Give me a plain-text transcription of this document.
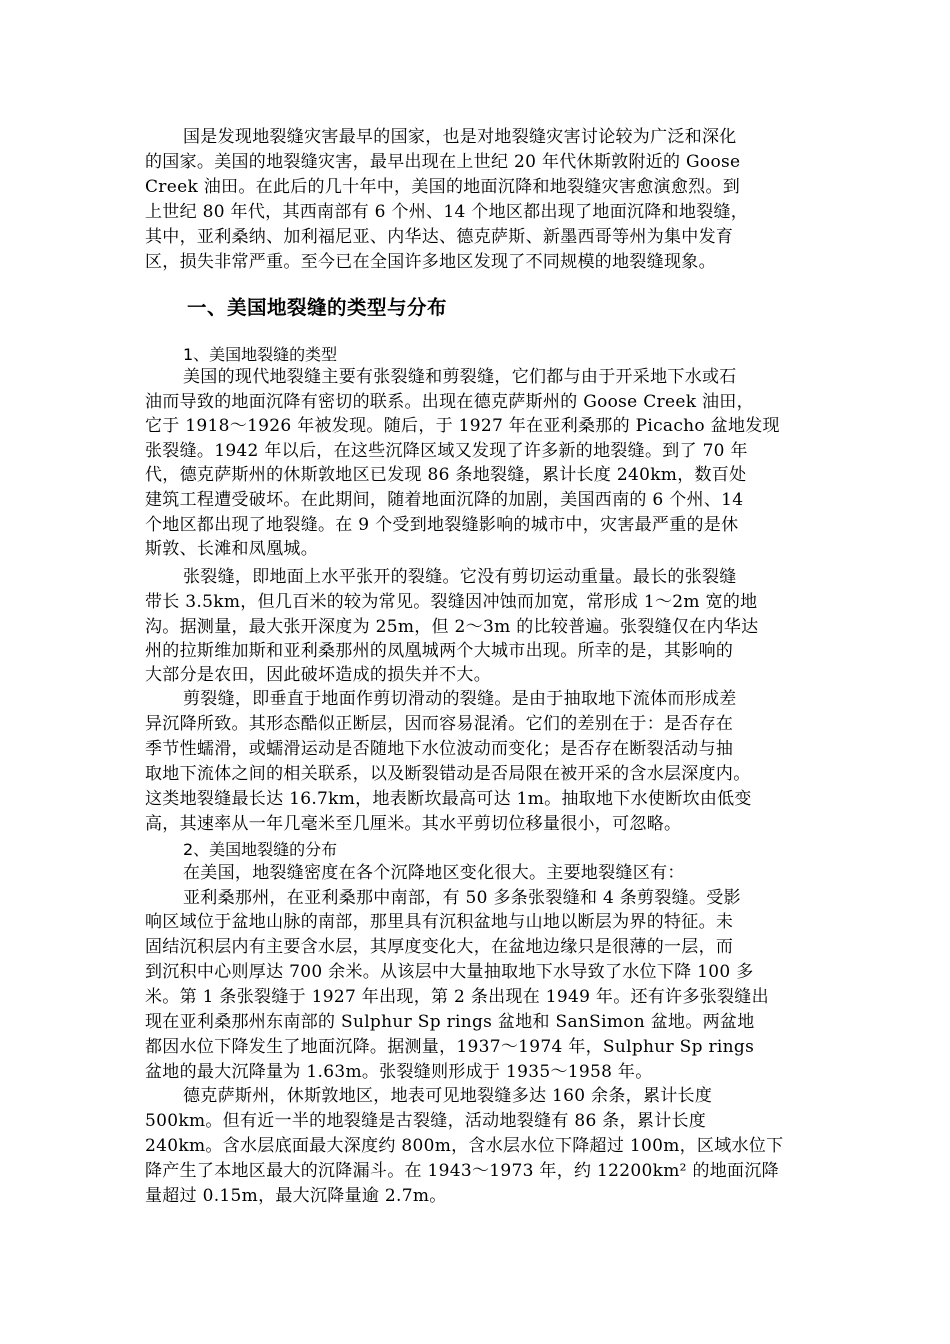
国是发现地裂缝灾害最早的国家，也是对地裂缝灾害讨论较为广泛和深化
的国家。美国的地裂缝灾害，最早出现在上世纪 20 年代休斯敦附近的 Goose
Creek 油田。在此后的几十年中，美国的地面沉降和地裂缝灾害愈演愈烈。到
上世纪 80 年代，其西南部有 6 个州、14 个地区都出现了地面沉降和地裂缝，
其中，亚利桑纳、加利福尼亚、内华达、德克萨斯、新墨西哥等州为集中发育
区，损失非常严重。至今已在全国许多地区发现了不同规模的地裂缝现象。
一、美国地裂缝的类型与分布
1、美国地裂缝的类型
美国的现代地裂缝主要有张裂缝和剪裂缝，它们都与由于开采地下水或石
油而导致的地面沉降有密切的联系。出现在德克萨斯州的 Goose Creek 油田，
它于 1918～1926 年被发现。随后，于 1927 年在亚利桑那的 Picacho 盆地发现
张裂缝。1942 年以后，在这些沉降区域又发现了许多新的地裂缝。到了 70 年
代，德克萨斯州的休斯敦地区已发现 86 条地裂缝，累计长度 240km，数百处
建筑工程遭受破坏。在此期间，随着地面沉降的加剧，美国西南的 6 个州、14
个地区都出现了地裂缝。在 9 个受到地裂缝影响的城市中，灾害最严重的是休
斯敦、长滩和凤凰城。
张裂缝，即地面上水平张开的裂缝。它没有剪切运动重量。最长的张裂缝
带长 3.5km，但几百米的较为常见。裂缝因冲蚀而加宽，常形成 1～2m 宽的地
沟。据测量，最大张开深度为 25m，但 2～3m 的比较普遍。张裂缝仅在内华达
州的拉斯维加斯和亚利桑那州的凤凰城两个大城市出现。所幸的是，其影响的
大部分是农田，因此破坏造成的损失并不大。
剪裂缝，即垂直于地面作剪切滑动的裂缝。是由于抽取地下流体而形成差
异沉降所致。其形态酷似正断层，因而容易混淆。它们的差别在于：是否存在
季节性蠕滑，或蠕滑运动是否随地下水位波动而变化；是否存在断裂活动与抽
取地下流体之间的相关联系，以及断裂错动是否局限在被开采的含水层深度内。
这类地裂缝最长达 16.7km，地表断坎最高可达 1m。抽取地下水使断坎由低变
高，其速率从一年几毫米至几厘米。其水平剪切位移量很小，可忽略。
2、美国地裂缝的分布
在美国，地裂缝密度在各个沉降地区变化很大。主要地裂缝区有：
亚利桑那州，在亚利桑那中南部，有 50 多条张裂缝和 4 条剪裂缝。受影
响区域位于盆地山脉的南部，那里具有沉积盆地与山地以断层为界的特征。未
固结沉积层内有主要含水层，其厚度变化大，在盆地边缘只是很薄的一层，而
到沉积中心则厚达 700 余米。从该层中大量抽取地下水导致了水位下降 100 多
米。第 1 条张裂缝于 1927 年出现，第 2 条出现在 1949 年。还有许多张裂缝出
现在亚利桑那州东南部的 Sulphur Sp rings 盆地和 SanSimon 盆地。两盆地
都因水位下降发生了地面沉降。据测量，1937～1974 年，Sulphur Sp rings
盆地的最大沉降量为 1.63m。张裂缝则形成于 1935～1958 年。
德克萨斯州，休斯敦地区，地表可见地裂缝多达 160 余条，累计长度
500km。但有近一半的地裂缝是古裂缝，活动地裂缝有 86 条，累计长度
240km。含水层底面最大深度约 800m，含水层水位下降超过 100m，区域水位下
降产生了本地区最大的沉降漏斗。在 1943～1973 年，约 12200km² 的地面沉降
量超过 0.15m，最大沉降量逾 2.7m。
